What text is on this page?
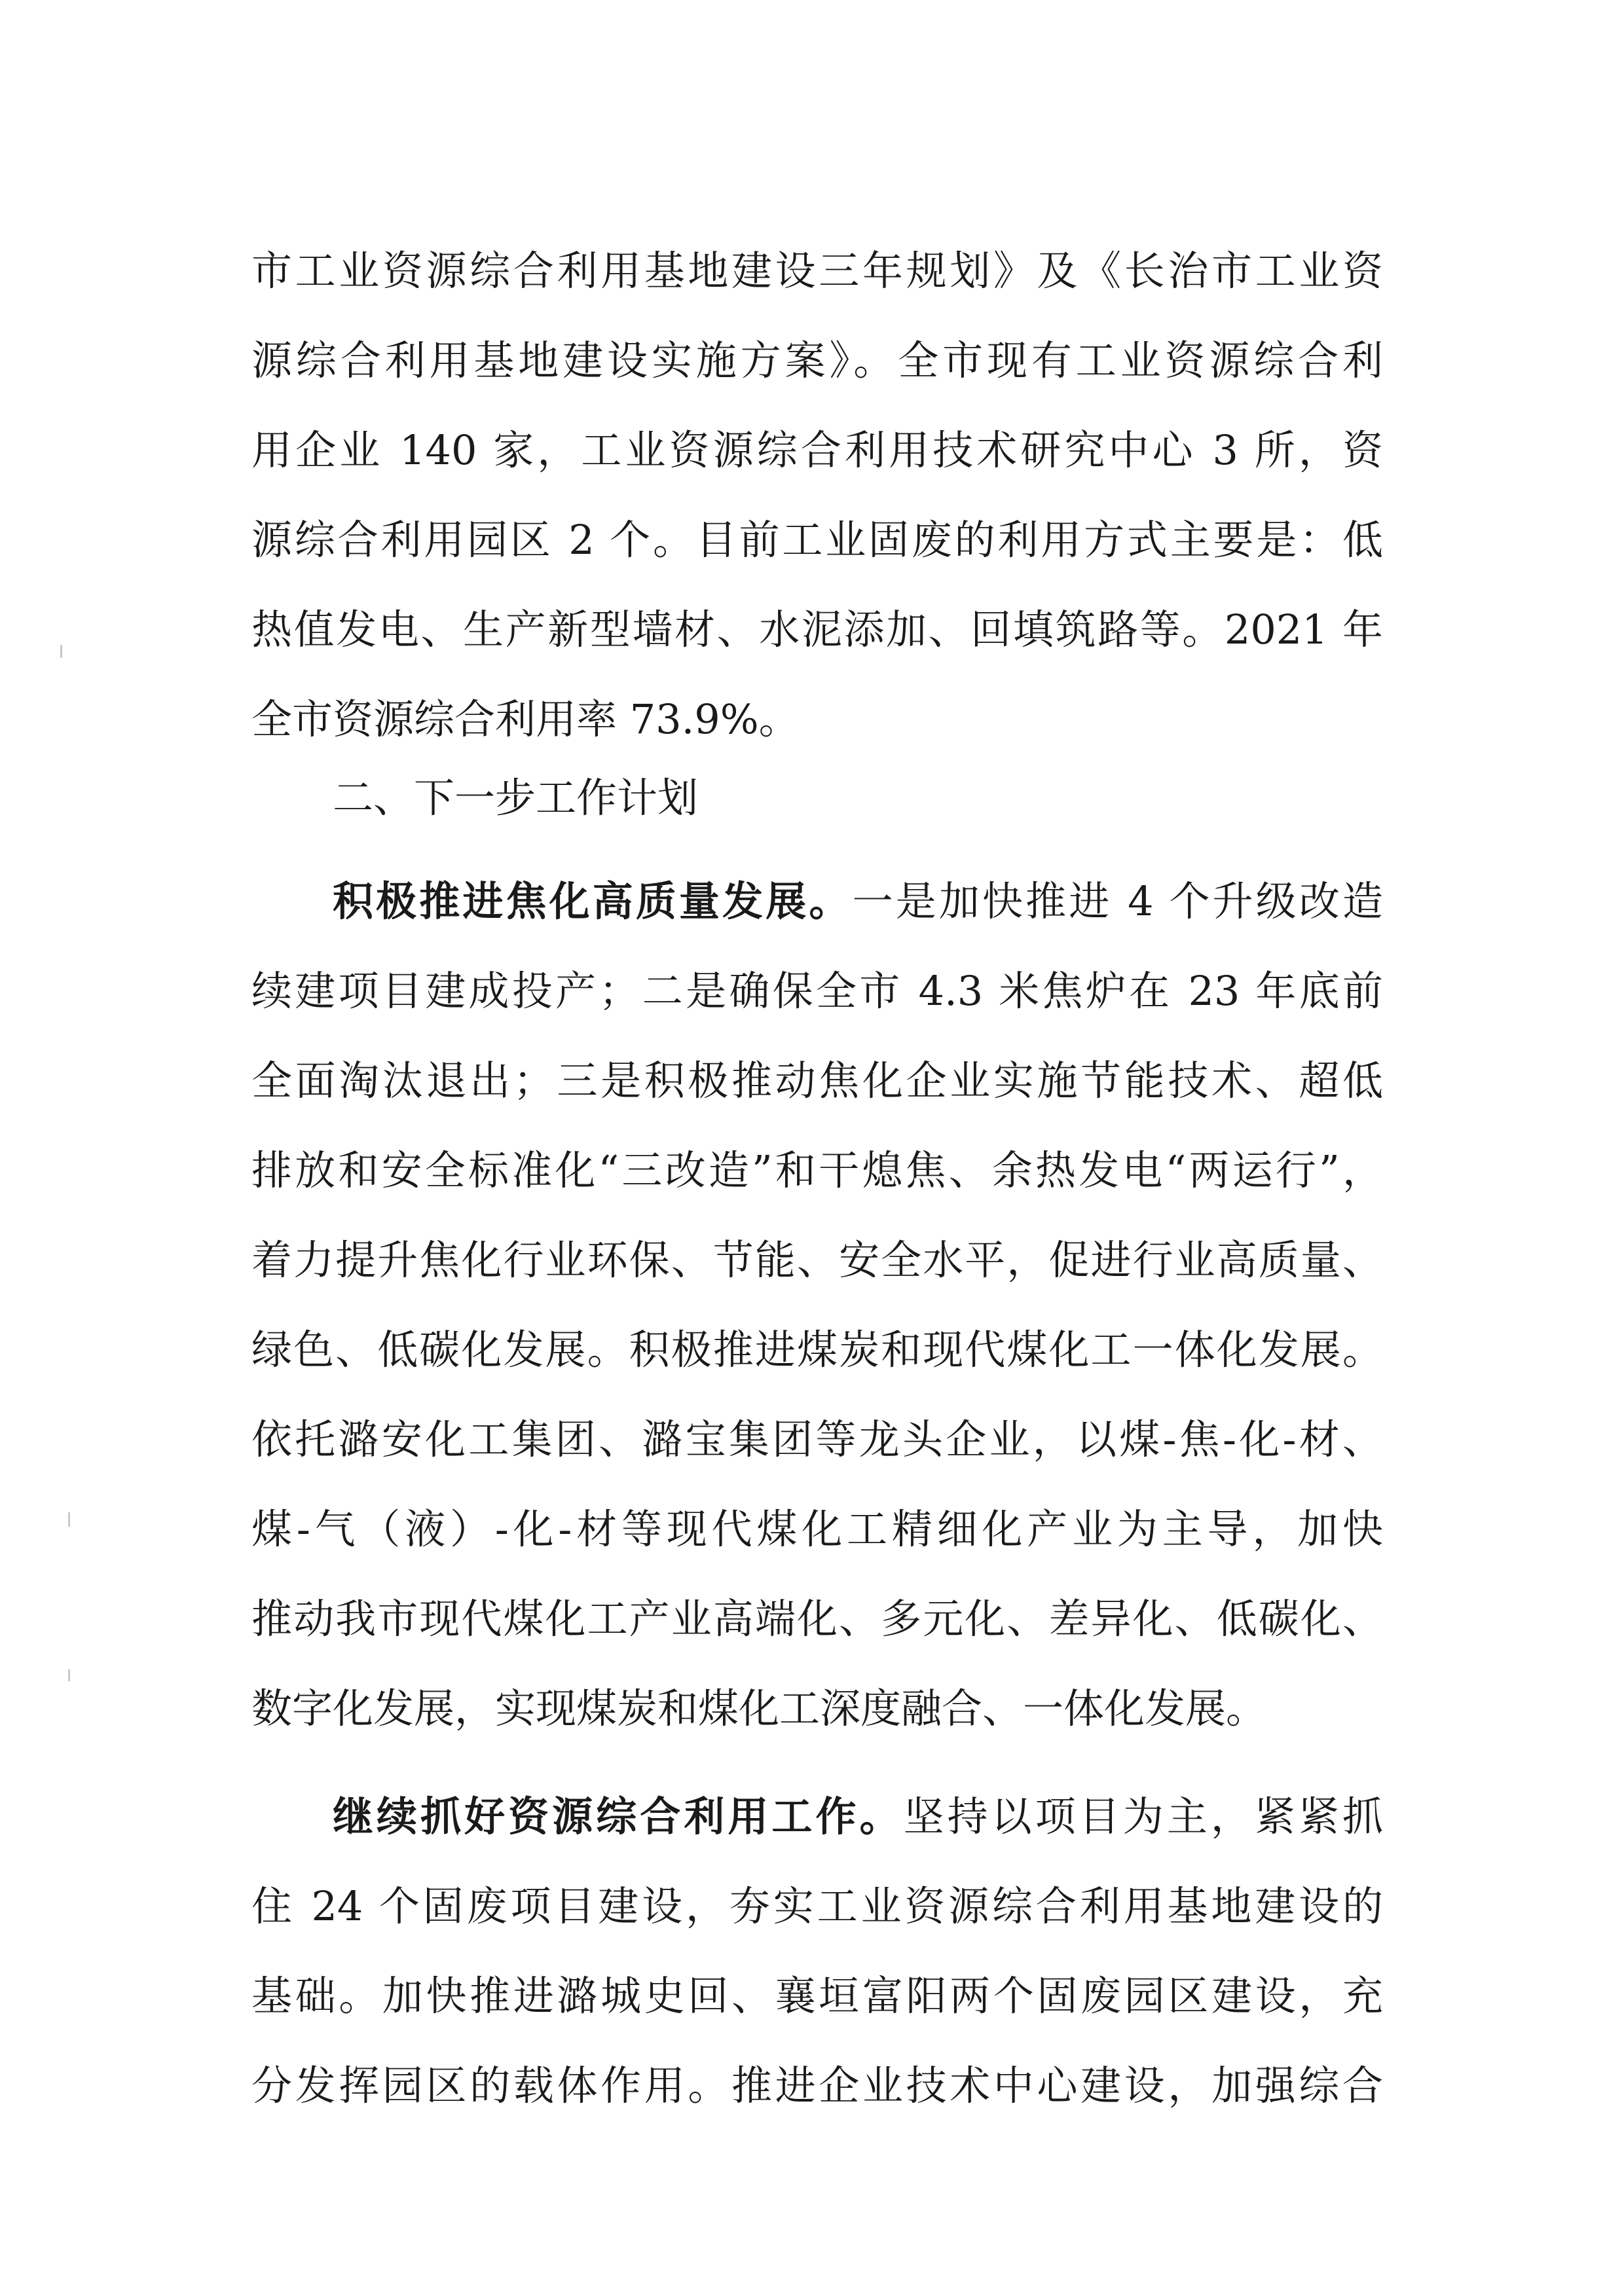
市工业资源综合利用基地建设三年规划》及《长治市工业资
源综合利用基地建设实施方案》。全市现有工业资源综合利
用企业 140 家，工业资源综合利用技术研究中心 3 所，资
源综合利用园区 2 个。目前工业固废的利用方式主要是：低
热值发电、生产新型墙材、水泥添加、回填筑路等。2021 年
全市资源综合利用率 73.9%。
二、下一步工作计划
积极推进焦化高质量发展。一是加快推进 4 个升级改造
续建项目建成投产；二是确保全市 4.3 米焦炉在 23 年底前
全面淘汰退出；三是积极推动焦化企业实施节能技术、超低
排放和安全标准化“三改造”和干熄焦、余热发电“两运行”，
着力提升焦化行业环保、节能、安全水平，促进行业高质量、
绿色、低碳化发展。积极推进煤炭和现代煤化工一体化发展。
依托潞安化工集团、潞宝集团等龙头企业，以煤-焦-化-材、
煤-气（液）-化-材等现代煤化工精细化产业为主导，加快
推动我市现代煤化工产业高端化、多元化、差异化、低碳化、
数字化发展，实现煤炭和煤化工深度融合、一体化发展。
继续抓好资源综合利用工作。坚持以项目为主，紧紧抓
住 24 个固废项目建设，夯实工业资源综合利用基地建设的
基础。加快推进潞城史回、襄垣富阳两个固废园区建设，充
分发挥园区的载体作用。推进企业技术中心建设，加强综合
